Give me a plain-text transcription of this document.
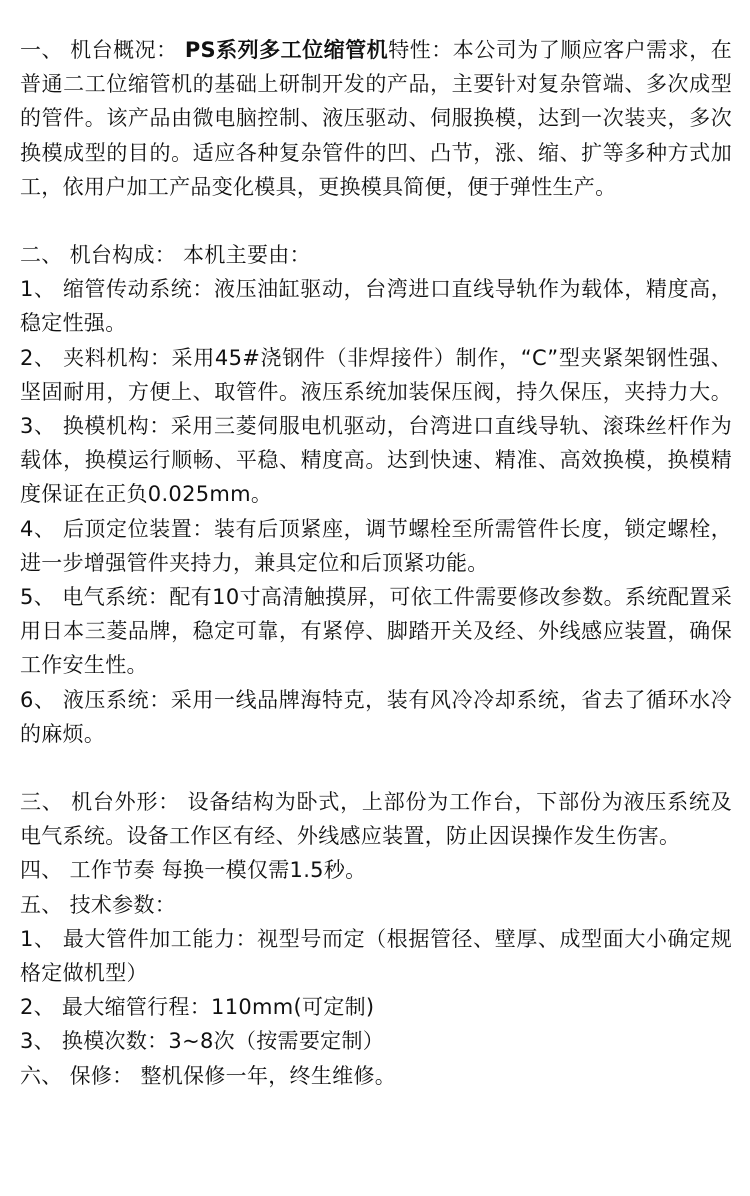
一、 机台概况： PS系列多工位缩管机特性：本公司为了顺应客户需求，在普通二工位缩管机的基础上研制开发的产品，主要针对复杂管端、多次成型的管件。该产品由微电脑控制、液压驱动、伺服换模，达到一次装夹，多次换模成型的目的。适应各种复杂管件的凹、凸节，涨、缩、扩等多种方式加工，依用户加工产品变化模具，更换模具简便，便于弹性生产。

二、 机台构成： 本机主要由：

1、 缩管传动系统：液压油缸驱动，台湾进口直线导轨作为载体，精度高，稳定性强。

2、 夹料机构：采用45#浇钢件（非焊接件）制作，“C”型夹紧架钢性强、坚固耐用，方便上、取管件。液压系统加装保压阀，持久保压，夹持力大。 3、 换模机构：采用三菱伺服电机驱动，台湾进口直线导轨、滚珠丝杆作为载体，换模运行顺畅、平稳、精度高。达到快速、精准、高效换模，换模精度保证在正负0.025mm。

4、 后顶定位装置：装有后顶紧座，调节螺栓至所需管件长度，锁定螺栓，进一步增强管件夹持力，兼具定位和后顶紧功能。

5、 电气系统：配有10寸高清触摸屏，可依工件需要修改参数。系统配置采用日本三菱品牌，稳定可靠，有紧停、脚踏开关及经、外线感应装置，确保工作安生性。

6、 液压系统：采用一线品牌海特克，装有风冷冷却系统，省去了循环水冷的麻烦。

三、 机台外形： 设备结构为卧式，上部份为工作台，下部份为液压系统及电气系统。设备工作区有经、外线感应装置，防止因误操作发生伤害。

四、 工作节奏 每换一模仅需1.5秒。

五、 技术参数：

1、 最大管件加工能力：视型号而定（根据管径、壁厚、成型面大小确定规格定做机型）

2、 最大缩管行程：110mm(可定制)

3、 换模次数：3~8次（按需要定制）

六、 保修： 整机保修一年，终生维修。
